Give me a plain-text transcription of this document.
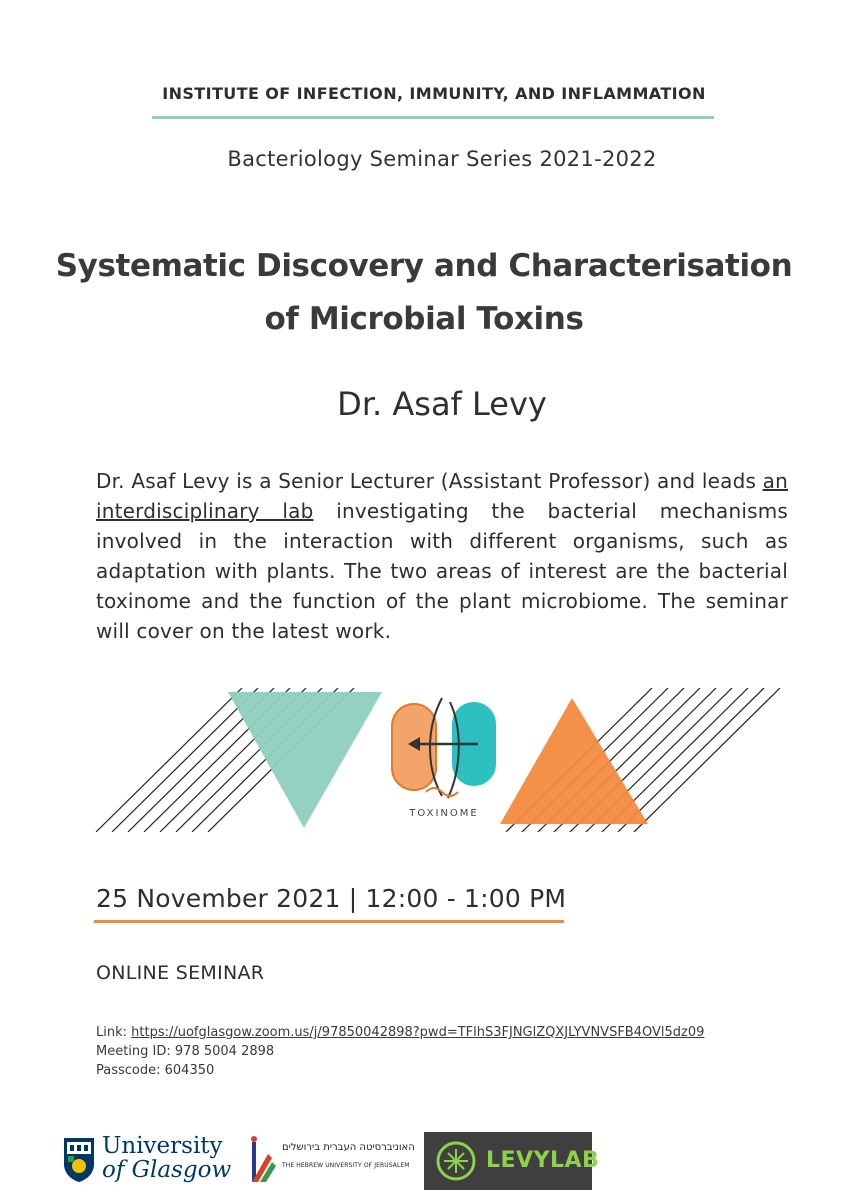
INSTITUTE OF INFECTION, IMMUNITY, AND INFLAMMATION
Bacteriology Seminar Series 2021-2022
Systematic Discovery and Characterisation
of Microbial Toxins
Dr. Asaf Levy
Dr. Asaf Levy is a Senior Lecturer (Assistant Professor) and leads an interdisciplinary lab investigating the bacterial mechanisms involved in the interaction with different organisms, such as adaptation with plants. The two areas of interest are the bacterial toxinome and the function of the plant microbiome. The seminar will cover on the latest work.
TOXINOME
25 November 2021 | 12:00 - 1:00 PM
ONLINE SEMINAR
Link: https://uofglasgow.zoom.us/j/97850042898?pwd=TFlhS3FJNGlZQXJLYVNVSFB4OVl5dz09
Meeting ID: 978 5004 2898
Passcode: 604350
University
of Glasgow
האוניברסיטה העברית בירושלים
THE HEBREW UNIVERSITY OF JERUSALEM	LEVYLAB
